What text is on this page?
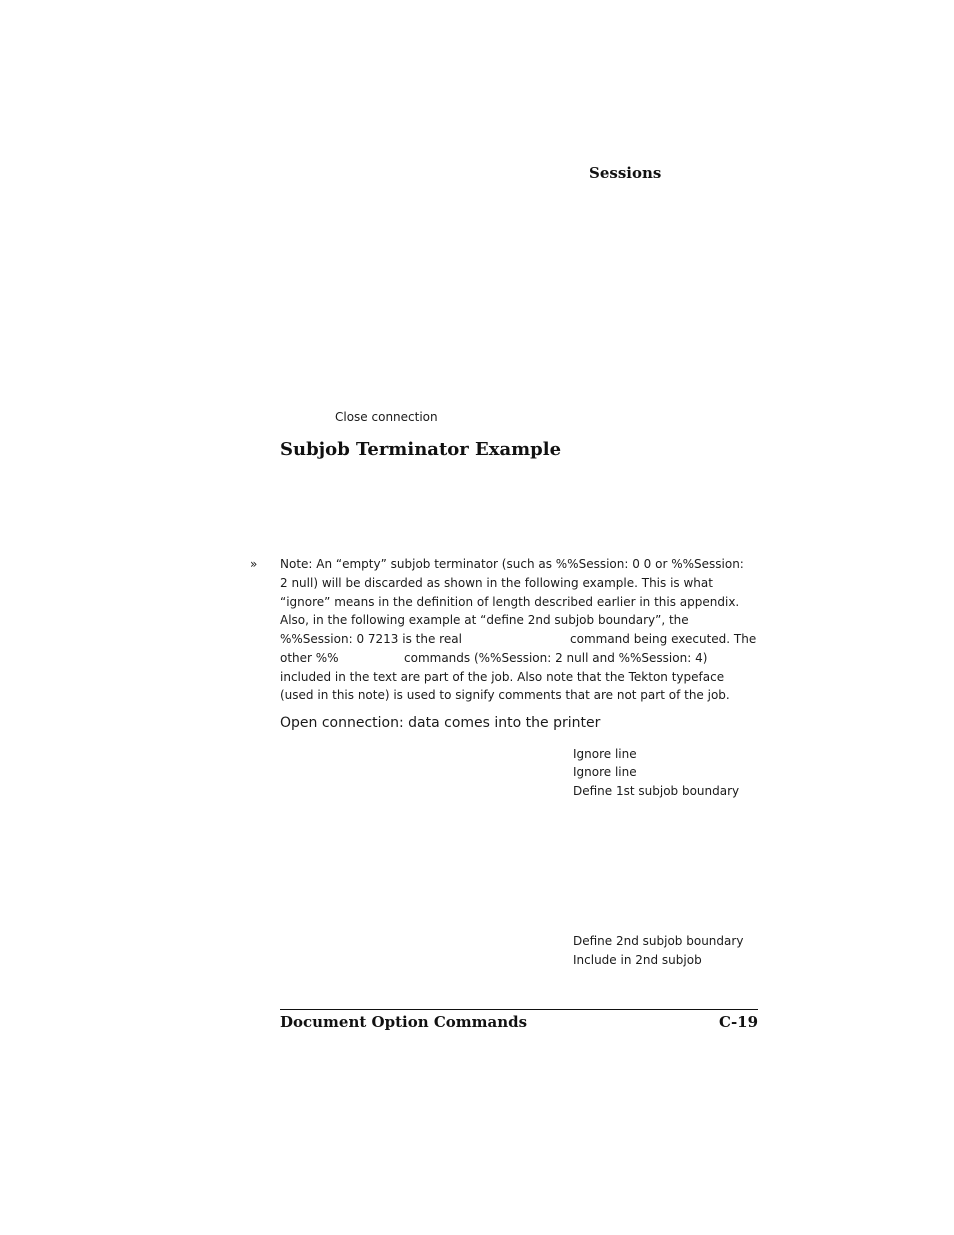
Sessions
Close connection
Subjob Terminator Example
» Note: An “empty” subjob terminator (such as %%Session: 0 0 or %%Session:
2 null) will be discarded as shown in the following example. This is what
“ignore” means in the definition of length described earlier in this appendix.
Also, in the following example at “define 2nd subjob boundary”, the
%%Session: 0 7213 is the real	command being executed. The
other %%	commands (%%Session: 2 null and %%Session: 4)
included in the text are part of the job. Also note that the Tekton typeface
(used in this note) is used to signify comments that are not part of the job.
Open connection: data comes into the printer
Ignore line
Ignore line
Define 1st subjob boundary
Define 2nd subjob boundary
Include in 2nd subjob
Document Option Commands	C-19
